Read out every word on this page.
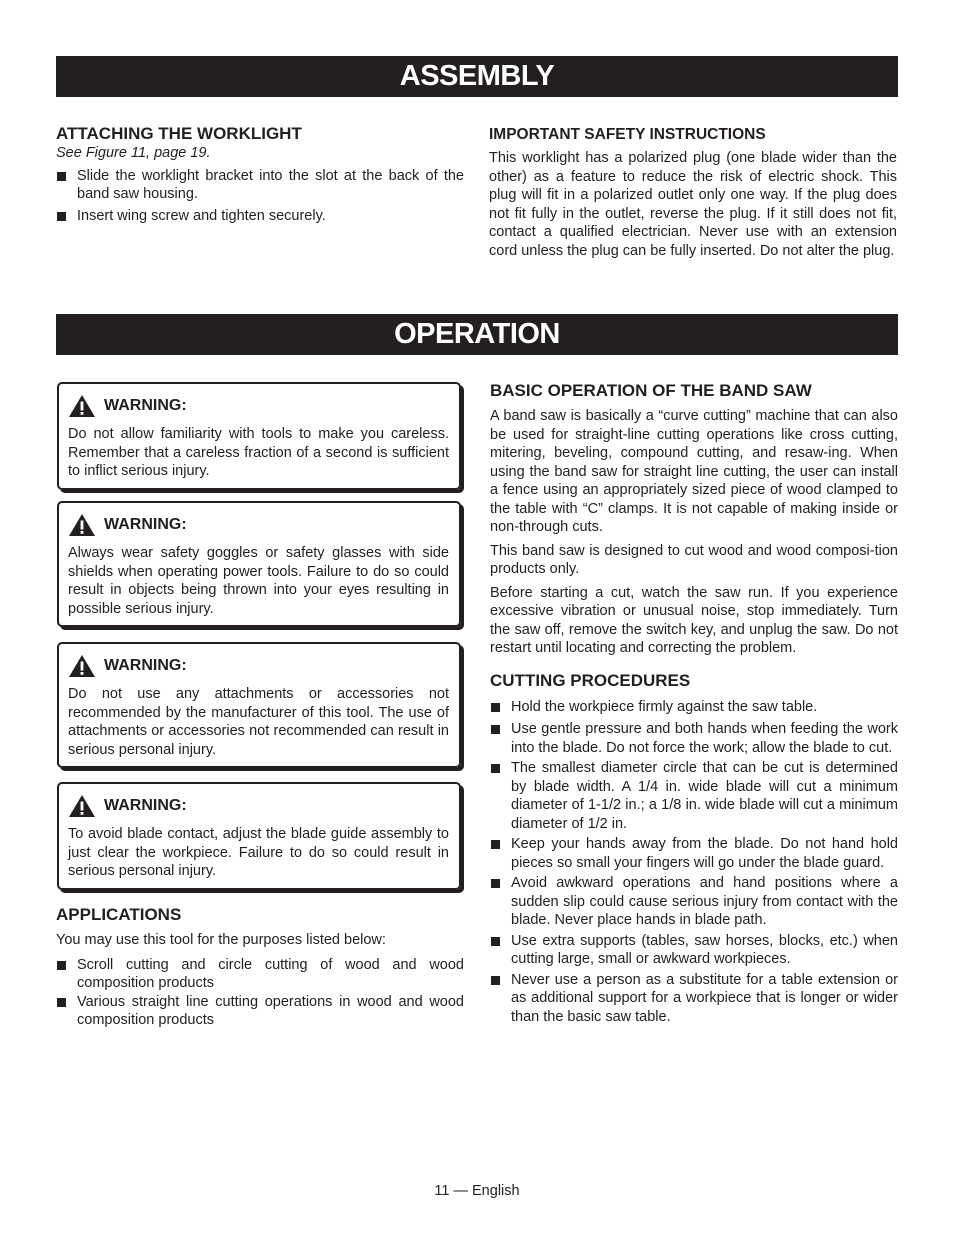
ASSEMBLY
ATTACHING THE WORKLIGHT

See Figure 11, page 19.

Slide the worklight bracket into the slot at the back of the band saw housing.
Insert wing screw and tighten securely.
IMPORTANT SAFETY INSTRUCTIONS

This worklight has a polarized plug (one blade wider than the other) as a feature to reduce the risk of electric shock. This plug will fit in a polarized outlet only one way. If the plug does not fit fully in the outlet, reverse the plug. If it still does not fit, contact a qualified electrician. Never use with an extension cord unless the plug can be fully inserted. Do not alter the plug.

OPERATION
WARNING:

Do not allow familiarity with tools to make you careless. Remember that a careless fraction of a second is sufficient to inflict serious injury.

WARNING:

Always wear safety goggles or safety glasses with side shields when operating power tools. Failure to do so could result in objects being thrown into your eyes resulting in possible serious injury.

WARNING:

Do not use any attachments or accessories not recommended by the manufacturer of this tool. The use of attachments or accessories not recommended can result in serious personal injury.

WARNING:

To avoid blade contact, adjust the blade guide assembly to just clear the workpiece. Failure to do so could result in serious personal injury.

APPLICATIONS

You may use this tool for the purposes listed below:

Scroll cutting and circle cutting of wood and wood composition products
Various straight line cutting operations in wood and wood composition products
BASIC OPERATION OF THE BAND SAW

A band saw is basically a “curve cutting” machine that can also be used for straight-line cutting operations like cross cutting, mitering, beveling, compound cutting, and resaw-ing. When using the band saw for straight line cutting, the user can install a fence using an appropriately sized piece of wood clamped to the table with “C” clamps. It is not capable of making inside or non-through cuts.

This band saw is designed to cut wood and wood composi-tion products only.

Before starting a cut, watch the saw run. If you experience excessive vibration or unusual noise, stop immediately. Turn the saw off, remove the switch key, and unplug the saw. Do not restart until locating and correcting the problem.

CUTTING PROCEDURES
Hold the workpiece firmly against the saw table.
Use gentle pressure and both hands when feeding the work into the blade. Do not force the work; allow the blade to cut.
The smallest diameter circle that can be cut is determined by blade width. A 1/4 in. wide blade will cut a minimum diameter of 1-1/2 in.; a 1/8 in. wide blade will cut a minimum diameter of 1/2 in.
Keep your hands away from the blade. Do not hand hold pieces so small your fingers will go under the blade guard.
Avoid awkward operations and hand positions where a sudden slip could cause serious injury from contact with the blade. Never place hands in blade path.
Use extra supports (tables, saw horses, blocks, etc.) when cutting large, small or awkward workpieces.
Never use a person as a substitute for a table extension or as additional support for a workpiece that is longer or wider than the basic saw table.
11 — English
